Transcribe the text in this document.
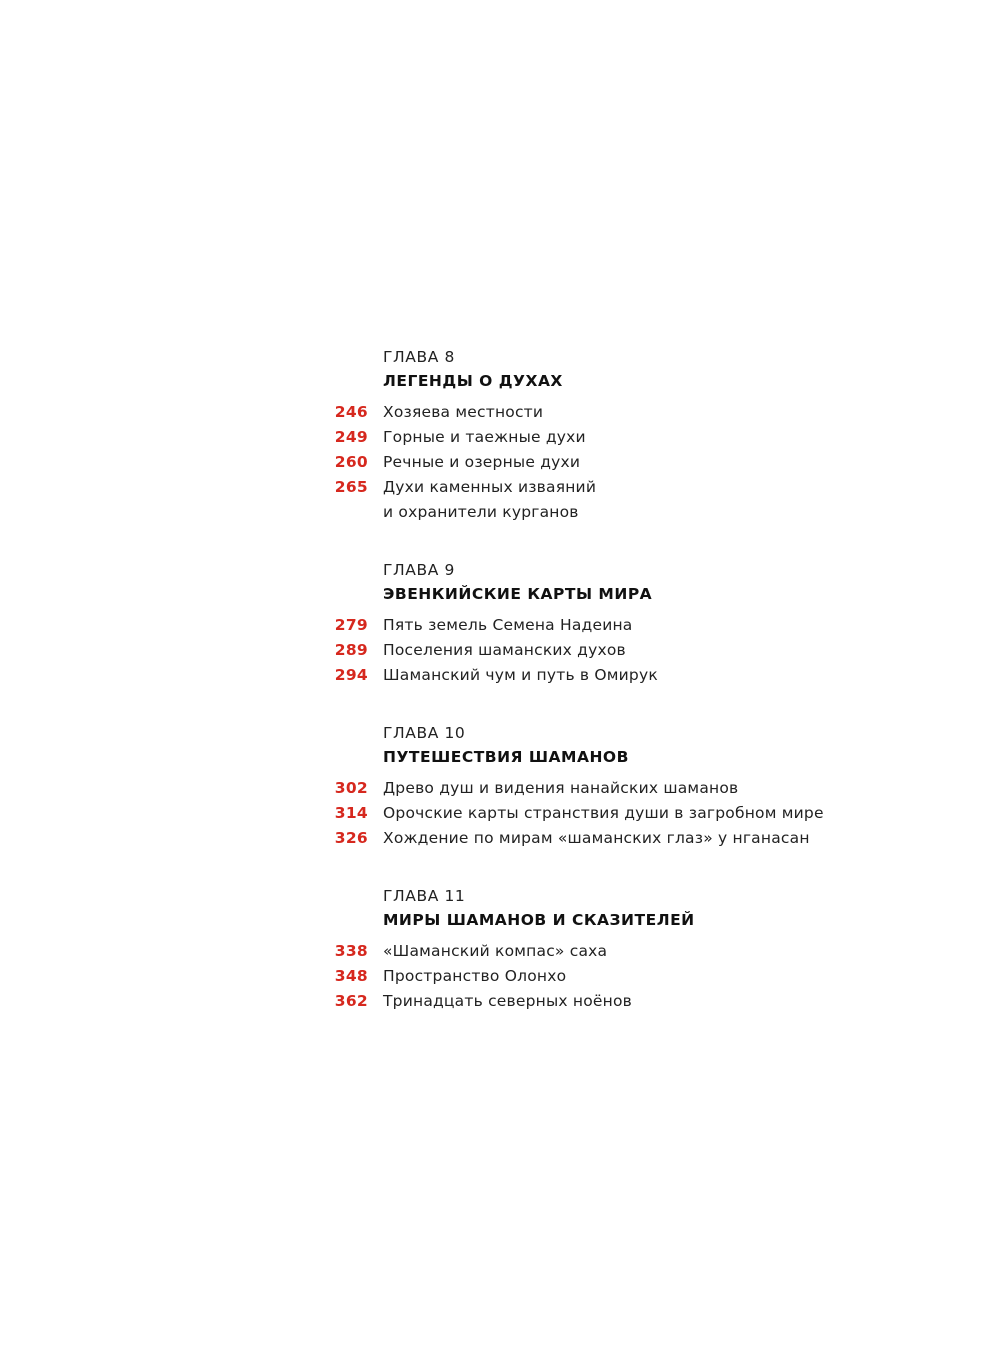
ГЛАВА 8
ЛЕГЕНДЫ О ДУХАХ
246 Хозяева местности
249 Горные и таежные духи
260 Речные и озерные духи
265 Духи каменных изваяний
и охранители курганов
ГЛАВА 9
ЭВЕНКИЙСКИЕ КАРТЫ МИРА
279 Пять земель Семена Надеина
289 Поселения шаманских духов
294 Шаманский чум и путь в Омирук
ГЛАВА 10
ПУТЕШЕСТВИЯ ШАМАНОВ
302 Древо душ и видения нанайских шаманов
314 Орочские карты странствия души в загробном мире
326 Хождение по мирам «шаманских глаз» у нганасан
ГЛАВА 11
МИРЫ ШАМАНОВ И СКАЗИТЕЛЕЙ
338 «Шаманский компас» саха
348 Пространство Олонхо
362 Тринадцать северных ноёнов
